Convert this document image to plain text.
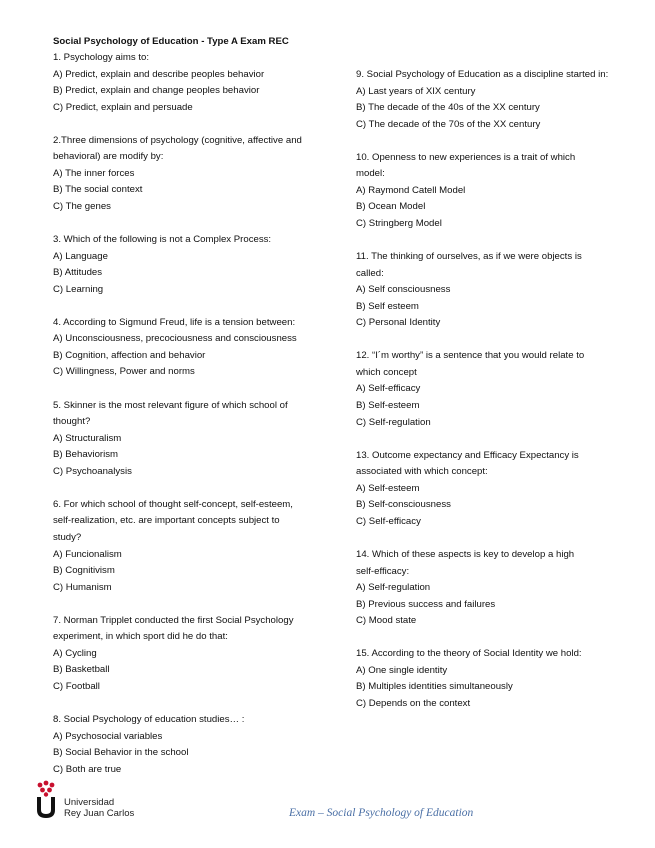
Social Psychology of Education - Type A Exam REC
1. Psychology aims to:
A) Predict, explain and describe peoples behavior
B) Predict, explain and change peoples behavior
C) Predict, explain and persuade
2.Three dimensions of psychology (cognitive, affective and
behavioral) are modify by:
A) The inner forces
B) The social context
C) The genes
3. Which of the following is not a Complex Process:
A) Language
B) Attitudes
C) Learning
4. According to Sigmund Freud, life is a tension between:
A) Unconsciousness, precociousness and consciousness
B) Cognition, affection and behavior
C) Willingness, Power and norms
5. Skinner is the most relevant figure of which school of
thought?
A) Structuralism
B) Behaviorism
C) Psychoanalysis
6. For which school of thought self-concept, self-esteem,
self-realization, etc. are important concepts subject to
study?
A) Funcionalism
B) Cognitivism
C) Humanism
7. Norman Tripplet conducted the first Social Psychology
experiment, in which sport did he do that:
A) Cycling
B) Basketball
C) Football
8. Social Psychology of education studies… :
A) Psychosocial variables
B) Social Behavior in the school
C) Both are true
9. Social Psychology of Education as a discipline started in:
A) Last years of XIX century
B) The decade of the 40s of the XX century
C) The decade of the 70s of the XX century
10. Openness to new experiences is a trait of which
model:
A) Raymond Catell Model
B) Ocean Model
C) Stringberg Model
11. The thinking of ourselves, as if we were objects is
called:
A) Self consciousness
B) Self esteem
C) Personal Identity
12. “I´m worthy” is a sentence that you would relate to
which concept
A) Self-efficacy
B) Self-esteem
C) Self-regulation
13. Outcome expectancy and Efficacy Expectancy is
associated with which concept:
A) Self-esteem
B) Self-consciousness
C) Self-efficacy
14. Which of these aspects is key to develop a high
self-efficacy:
A) Self-regulation
B) Previous success and failures
C) Mood state
15. According to the theory of Social Identity we hold:
A) One single identity
B) Multiples identities simultaneously
C) Depends on the context
Universidad
Rey Juan Carlos	Exam – Social Psychology of Education
